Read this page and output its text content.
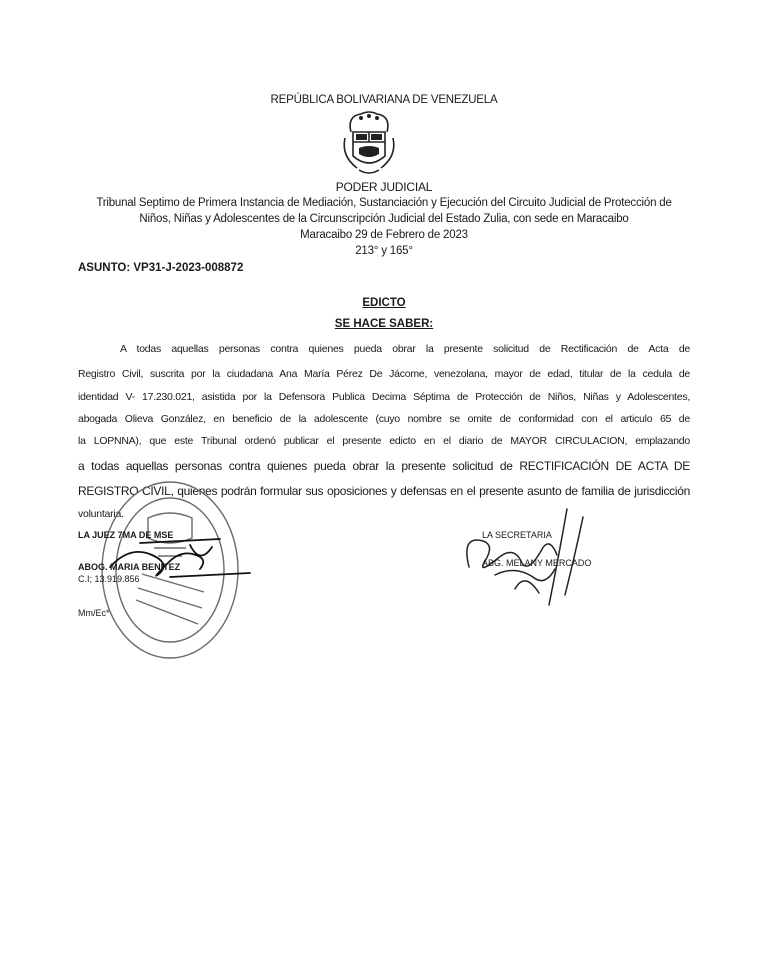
REPÚBLICA BOLIVARIANA DE VENEZUELA
PODER JUDICIAL
Tribunal Septimo de Primera Instancia de Mediación, Sustanciación y Ejecución del Circuito Judicial de Protección de
Niños, Niñas y Adolescentes de la Circunscripción Judicial del Estado Zulia, con sede en Maracaibo
Maracaibo 29 de Febrero de 2023
213° y 165°
ASUNTO: VP31-J-2023-008872
EDICTO
SE HACE SABER:
A todas aquellas personas contra quienes pueda obrar la presente solicitud de Rectificación de Acta de
Registro Civil, suscrita por la ciudadana Ana María Pérez De Jácome, venezolana, mayor de edad, titular de la cedula de
identidad V- 17.230.021, asistida por la Defensora Publica Decima Séptima de Protección de Niños, Niñas y Adolescentes,
abogada Olieva González, en beneficio de la adolescente (cuyo nombre se omite de conformidad con el articulo 65 de
la LOPNNA), que este Tribunal ordenó publicar el presente edicto en el diario de MAYOR CIRCULACION, emplazando
a todas aquellas personas contra quienes pueda obrar la presente solicitud de RECTIFICACIÓN DE ACTA DE
REGISTRO CIVIL, quienes podrán formular sus oposiciones y defensas en el presente asunto de familia de jurisdicción
voluntaria.
LA JUEZ 7MA DE MSE
ABOG. MARIA BENITEZ
C.I; 13.919.856
Mm/Ec*
LA SECRETARIA
ABG. MELANY MERCADO
